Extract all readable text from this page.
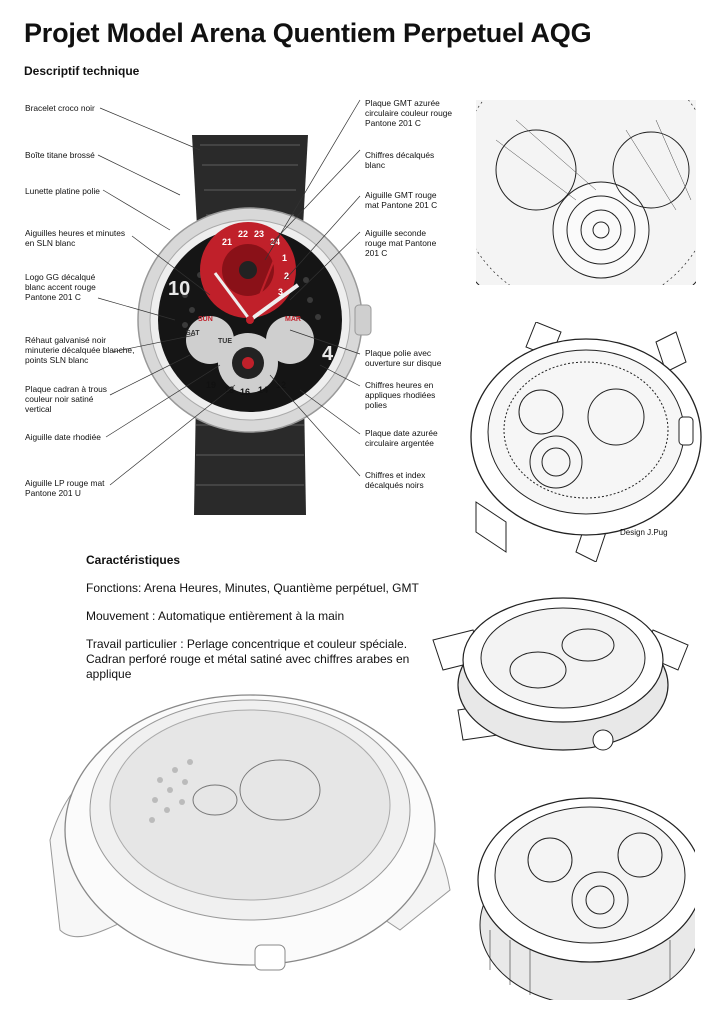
Projet Model Arena Quentiem Perpetuel AQG
Descriptif technique
Bracelet croco noir
Boîte titane brossé
Lunette platine polie
Aiguilles heures et minutes en SLN blanc
Logo GG décalqué blanc accent rouge Pantone 201 C
Réhaut galvanisé noir minuterie décalquée blanche, points SLN blanc
Plaque cadran à trous couleur noir satiné vertical
Aiguille date rhodiée
Aiguille LP rouge mat Pantone 201 U
Plaque GMT azurée circulaire couleur rouge Pantone 201 C
Chiffres décalqués blanc
Aiguille GMT rouge mat Pantone 201 C
Aiguille seconde rouge mat Pantone 201 C
Plaque polie avec ouverture sur disque
Chiffres heures en appliques rhodiées polies
Plaque date azurée circulaire argentée
Chiffres et index décalqués noirs
21
22 23
24
1
2
3
10
4
SUN	MAR
SAT
TUE
19 18 16 14 12
Design J.Pug
Caractéristiques
Fonctions: Arena Heures, Minutes, Quantième perpétuel, GMT
Mouvement : Automatique entièrement à la main
Travail particulier : Perlage concentrique et couleur spéciale. Cadran perforé rouge et métal satiné avec chiffres arabes en applique
